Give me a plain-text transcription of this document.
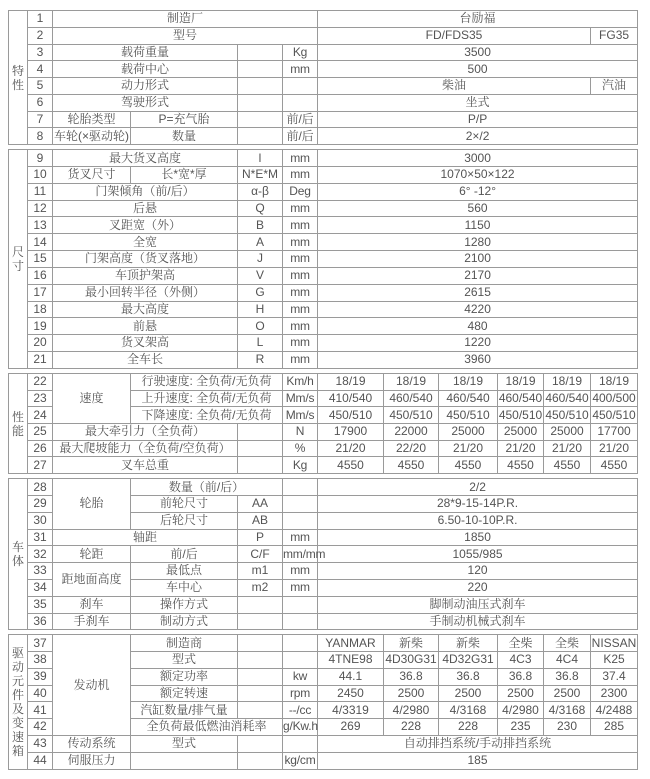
特
性	1	制造厂				台励福	
	2	型号				FD/FDS35	FG35
	3	载荷重量			Kg	3500	
	4	载荷中心			mm	500	
	5	动力形式				柴油	汽油
	6	驾驶形式				坐式	
	7	轮胎类型	P=充气胎		前/后	P/P	
	8	车轮(×驱动轮)	数量		前/后	2×/2	
尺
寸	9	最大货叉高度		l	mm	3000
	10	货叉尺寸	长*宽*厚	N*E*M	mm	1070×50×122
	11	门架倾角（前/后）		α-β	Deg	6° -12°
	12	后悬		Q	mm	560
	13	叉距宽（外）		B	mm	1150
	14	全宽		A	mm	1280
	15	门架高度（货叉落地）		J	mm	2100
	16	车顶护架高		V	mm	2170
	17	最小回转半径（外侧）		G	mm	2615
	18	最大高度		H	mm	4220
	19	前悬		O	mm	480
	20	货叉架高		L	mm	1220
	21	全车长		R	mm	3960
性
能	22	速度	行驶速度: 全负荷/无负荷		Km/h	18/19	18/19	18/19	18/19	18/19	18/19
	23		上升速度: 全负荷/无负荷		Mm/s	410/540	460/540	460/540	460/540	460/540	400/500
	24		下降速度: 全负荷/无负荷		Mm/s	450/510	450/510	450/510	450/510	450/510	450/510
	25	最大牵引力（全负荷）			N	17900	22000	25000	25000	25000	17700
	26	最大爬坡能力（全负荷/空负荷）			%	21/20	22/20	21/20	21/20	21/20	21/20
	27	叉车总重			Kg	4550	4550	4550	4550	4550	4550
车
体	28	轮胎	数量（前/后）			2/2
	29		前轮尺寸	AA		28*9-15-14P.R.
	30		后轮尺寸	AB		6.50-10-10P.R.
	31	轴距		P	mm	1850
	32	轮距	前/后	C/F	mm/mm	1055/985
	33	距地面高度	最低点	m1	mm	120
	34		车中心	m2	mm	220
	35	刹车	操作方式			脚制动油压式刹车
	36	手刹车	制动方式			手制动机械式刹车
驱
动
元
件
及
变
速
箱
	37	发动机	制造商			YANMAR	新柴	新柴	全柴	全柴	NISSAN
	38		型式			4TNE98	4D30G31	4D32G31	4C3	4C4	K25
	39		额定功率		kw	44.1	36.8	36.8	36.8	36.8	37.4
	40		额定转速		rpm	2450	2500	2500	2500	2500	2300
	41		汽缸数量/排气量		--/cc	4/3319	4/2980	4/3168	4/2980	4/3168	4/2488
	42		全负荷最低燃油消耗率		g/Kw.h	269	228	228	235	230	285
	43	传动系统	型式			自动排挡系统/手动排挡系统					
	44	伺服压力			kg/cm	185					
